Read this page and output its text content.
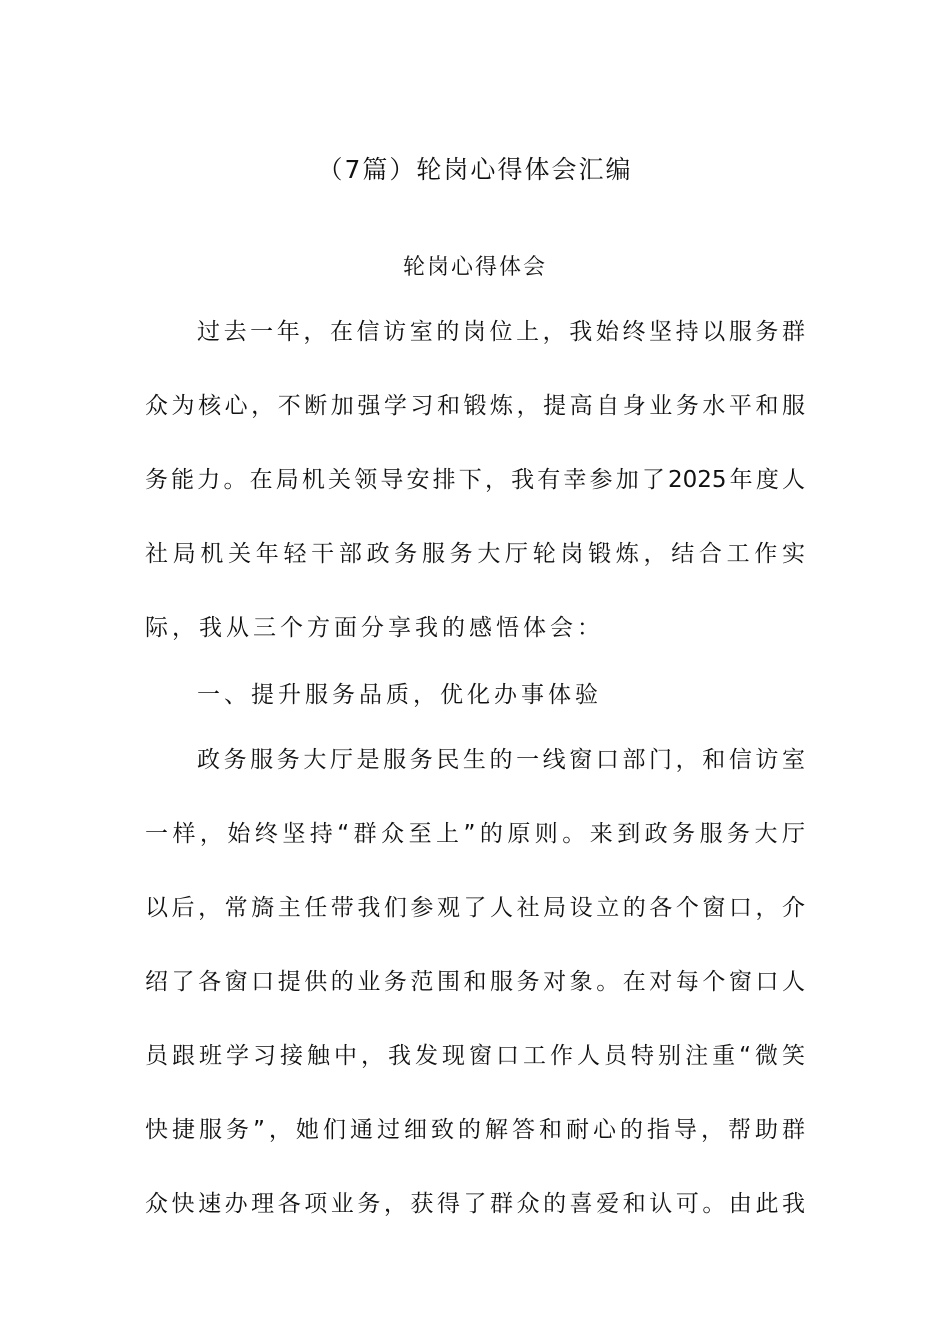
（7篇）轮岗心得体会汇编
轮岗心得体会
过去一年，在信访室的岗位上，我始终坚持以服务群
众为核心，不断加强学习和锻炼，提高自身业务水平和服
务能力。在局机关领导安排下，我有幸参加了2025年度人
社局机关年轻干部政务服务大厅轮岗锻炼，结合工作实
际，我从三个方面分享我的感悟体会：
一、提升服务品质，优化办事体验
政务服务大厅是服务民生的一线窗口部门，和信访室
一样，始终坚持“群众至上”的原则。来到政务服务大厅
以后，常旖主任带我们参观了人社局设立的各个窗口，介
绍了各窗口提供的业务范围和服务对象。在对每个窗口人
员跟班学习接触中，我发现窗口工作人员特别注重“微笑
快捷服务”，她们通过细致的解答和耐心的指导，帮助群
众快速办理各项业务，获得了群众的喜爱和认可。由此我
